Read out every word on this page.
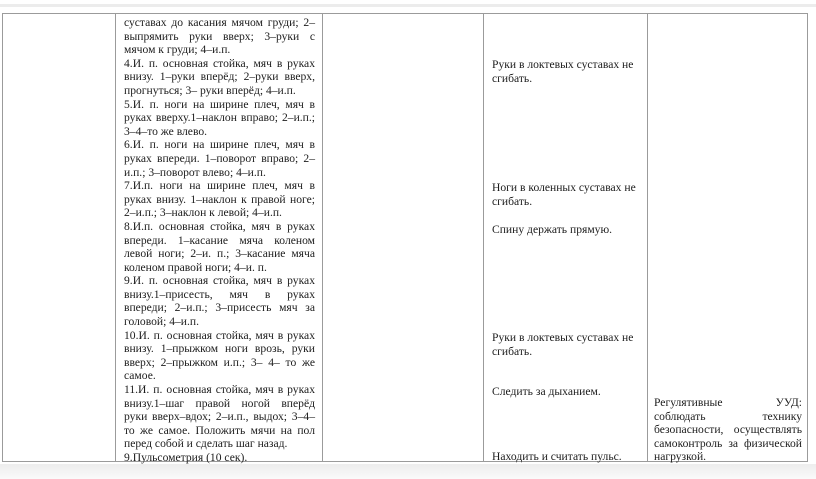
суставах до касания мячом груди; 2–выпрямить руки вверх; 3–руки с мячом к груди; 4–и.п.

4.И. п. основная стойка, мяч в руках внизу. 1–руки вперёд; 2–руки вверх, прогнуться; 3– руки вперёд; 4–и.п.

5.И. п. ноги на ширине плеч, мяч в руках вверху.1–наклон вправо; 2–и.п.; 3–4–то же влево.

6.И. п. ноги на ширине плеч, мяч в руках впереди. 1–поворот вправо; 2–и.п.; 3–поворот влево; 4–и.п.

7.И.п. ноги на ширине плеч, мяч в руках внизу. 1–наклон к правой ноге; 2–и.п.; 3–наклон к левой; 4–и.п.

8.И.п. основная стойка, мяч в руках впереди. 1–касание мяча коленом левой ноги; 2–и. п.; 3–касание мяча коленом правой ноги; 4–и. п.

9.И. п. основная стойка, мяч в руках внизу.1–присесть, мяч в руках впереди; 2–и.п.; 3–присесть мяч за головой; 4–и.п.

10.И. п. основная стойка, мяч в руках внизу. 1–прыжком ноги врозь, руки вверх; 2–прыжком и.п.; 3– 4– то же самое.

11.И. п. основная стойка, мяч в руках внизу.1–шаг правой ногой вперёд руки вверх–вдох; 2–и.п., выдох; 3–4–то же самое. Положить мячи на пол перед собой и сделать шаг назад.

9.Пульсометрия (10 сек).

Руки в локтевых суставах не сгибать.
Ноги в коленных суставах не сгибать.
Спину держать прямую.
Руки в локтевых суставах не сгибать.
Следить за дыханием.
Находить и считать пульс.
Регулятивные УУД: соблюдать технику безопасности, осуществлять самоконтроль за физической нагрузкой.
